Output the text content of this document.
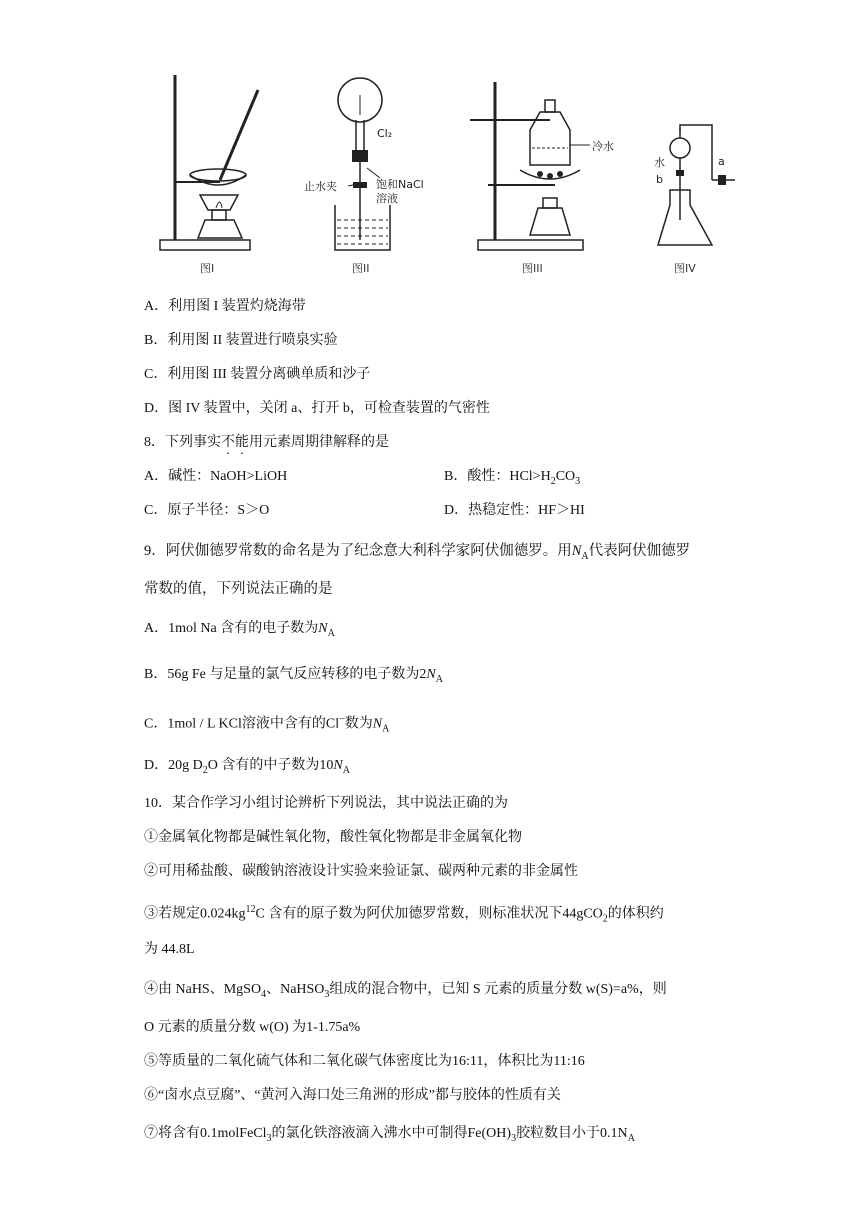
图I
Cl₂
止水夹	饱和NaCl
溶液
图II
冷水
图III
水
b
a
图IV
A．利用图 I 装置灼烧海带
B．利用图 II 装置进行喷泉实验
C．利用图 III 装置分离碘单质和沙子
D．图 IV 装置中，关闭 a、打开 b，可检查装置的气密性
8．下列事实不能用元素周期律解释的是
A．碱性：NaOH>LiOH	B．酸性：$HCl>H_2CO_3$
C．原子半径：S＞O	D．热稳定性：HF＞HI
9．阿伏伽德罗常数的命名是为了纪念意大利科学家阿伏伽德罗。用$N_A$代表阿伏伽德罗
常数的值，下列说法正确的是
A．1mol Na 含有的电子数为$N_A$
B．56g Fe 与足量的氯气反应转移的电子数为$2N_A$
C．1mol / L KCl溶液中含有的Cl−数为$N_A$
D．20g $D_2O$ 含有的中子数为$10N_A$
10．某合作学习小组讨论辨析下列说法，其中说法正确的为
①金属氧化物都是碱性氧化物，酸性氧化物都是非金属氧化物
②可用稀盐酸、碳酸钠溶液设计实验来验证氯、碳两种元素的非金属性
③若规定$0.024kg^{12}C$ 含有的原子数为阿伏加德罗常数，则标准状况下44gCO$_2$的体积约
为 44.8L
④由 NaHS、MgSO$_4$、NaHSO$_3$组成的混合物中，已知 S 元素的质量分数 w(S)=a%，则
O 元素的质量分数 w(O) 为1-1.75a%
⑤等质量的二氧化硫气体和二氧化碳气体密度比为16:11，体积比为11:16
⑥“卤水点豆腐”、“黄河入海口处三角洲的形成”都与胶体的性质有关
⑦将含有0.1molFeCl$_3$的氯化铁溶液滴入沸水中可制得$Fe(OH)_3$胶粒数目小于$0.1N_A$
